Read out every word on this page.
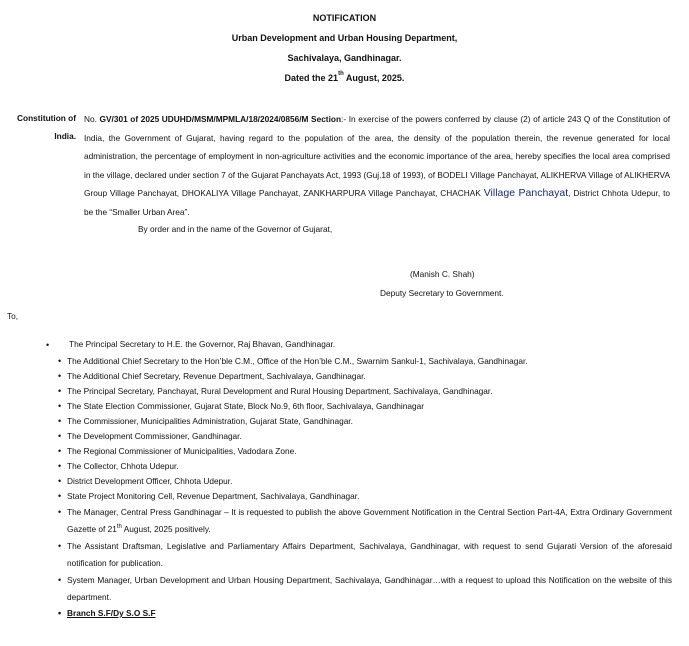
NOTIFICATION
Urban Development and Urban Housing Department,
Sachivalaya, Gandhinagar.
Dated the 21th August, 2025.
Constitution of
India.
No. GV/301 of 2025 UDUHD/MSM/MPMLA/18/2024/0856/M Section:- In exercise of the powers conferred by clause (2) of article 243 Q of the Constitution of India, the Government of Gujarat, having regard to the population of the area, the density of the population therein, the revenue generated for local administration, the percentage of employment in non-agriculture activities and the economic importance of the area, hereby specifies the local area comprised in the village, declared under section 7 of the Gujarat Panchayats Act, 1993 (Guj.18 of 1993), of BODELI Village Panchayat, ALIKHERVA Village of ALIKHERVA Group Village Panchayat, DHOKALIYA Village Panchayat, ZANKHARPURA Village Panchayat, CHACHAK Village Panchayat, District Chhota Udepur, to be the “Smaller Urban Area”.
By order and in the name of the Governor of Gujarat,
(Manish C. Shah)
Deputy Secretary to Government.
To,
• The Principal Secretary to H.E. the Governor, Raj Bhavan, Gandhinagar.
• The Additional Chief Secretary to the Hon’ble C.M., Office of the Hon’ble C.M., Swarnim Sankul-1, Sachivalaya, Gandhinagar.
• The Additional Chief Secretary, Revenue Department, Sachivalaya, Gandhinagar.
• The Principal Secretary, Panchayat, Rural Development and Rural Housing Department, Sachivalaya, Gandhinagar.
• The State Election Commissioner, Gujarat State, Block No.9, 6th floor, Sachivalaya, Gandhinagar
• The Commissioner, Municipalities Administration, Gujarat State, Gandhinagar.
• The Development Commissioner, Gandhinagar.
• The Regional Commissioner of Municipalities, Vadodara Zone.
• The Collector, Chhota Udepur.
• District Development Officer, Chhota Udepur.
• State Project Monitoring Cell, Revenue Department, Sachivalaya, Gandhinagar.
• The Manager, Central Press Gandhinagar – It is requested to publish the above Government Notification in the Central Section Part-4A, Extra Ordinary Government Gazette of 21th August, 2025 positively.
• The Assistant Draftsman, Legislative and Parliamentary Affairs Department, Sachivalaya, Gandhinagar, with request to send Gujarati Version of the aforesaid notification for publication.
• System Manager, Urban Development and Urban Housing Department, Sachivalaya, Gandhinagar…with a request to upload this Notification on the website of this department.
• Branch S.F/Dy S.O S.F
